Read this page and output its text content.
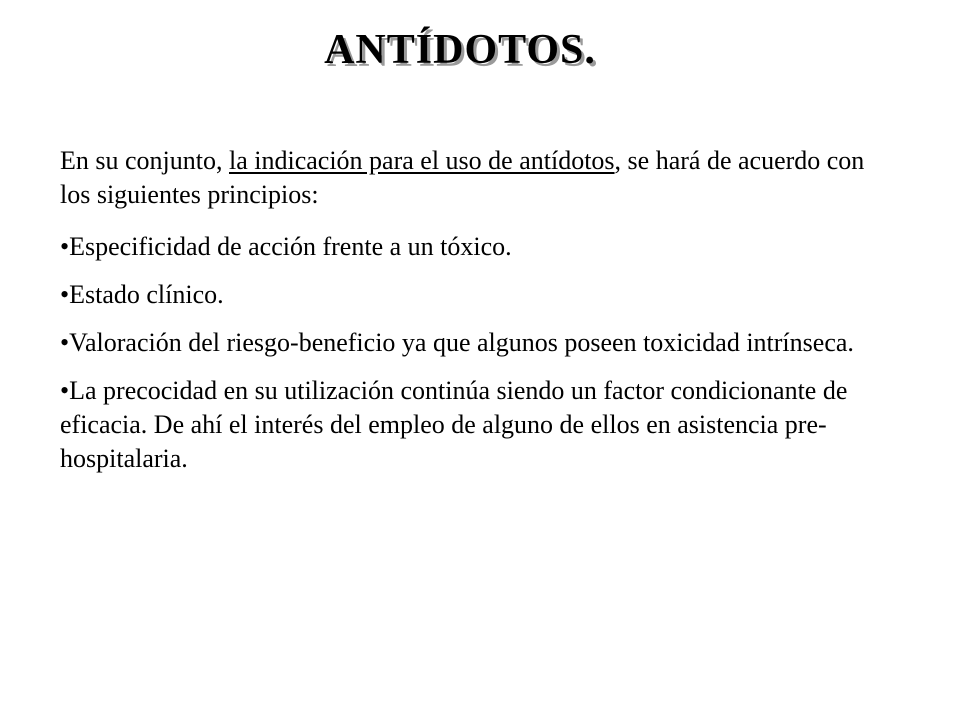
ANTÍDOTOS.

En su conjunto, la indicación para el uso de antídotos, se hará de acuerdo con los siguientes principios:

•Especificidad de acción frente a un tóxico.

•Estado clínico.

•Valoración del riesgo-beneficio ya que algunos poseen toxicidad intrínseca.

•La precocidad en su utilización continúa siendo un factor condicionante de eficacia. De ahí el interés del empleo de alguno de ellos en asistencia pre-hospitalaria.
